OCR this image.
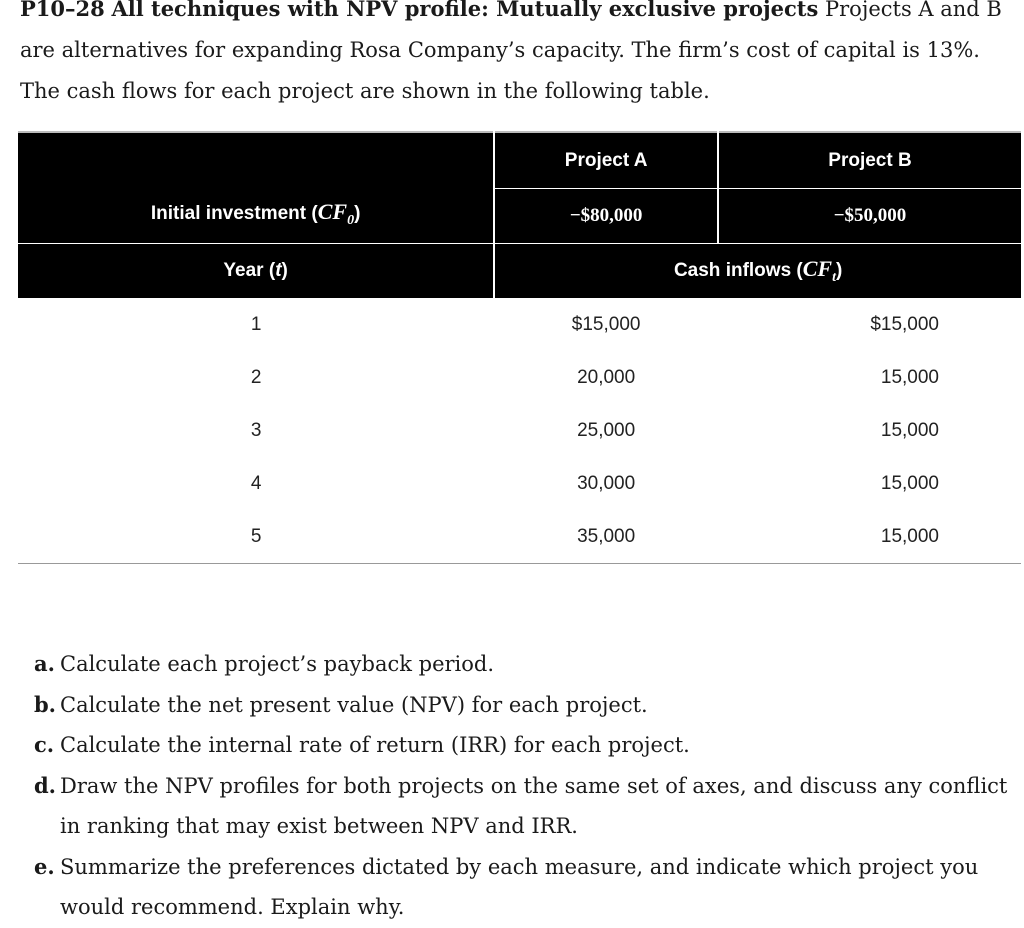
P10–28 All techniques with NPV profile: Mutually exclusive projects Projects A and B are alternatives for expanding Rosa Company’s capacity. The firm’s cost of capital is 13%. The cash flows for each project are shown in the following table.
Initial investment $(CF_0)$	Project A	Project B
	−$80,000	−$50,000
Year (t)	Cash inflows $(CF_t)$	
1	$15,000	$15,000
2	20,000	15,000
3	25,000	15,000
4	30,000	15,000
5	35,000	15,000
a. Calculate each project’s payback period.
b. Calculate the net present value (NPV) for each project.
c. Calculate the internal rate of return (IRR) for each project.
d. Draw the NPV profiles for both projects on the same set of axes, and discuss any conflict in ranking that may exist between NPV and IRR.
e. Summarize the preferences dictated by each measure, and indicate which project you would recommend. Explain why.
